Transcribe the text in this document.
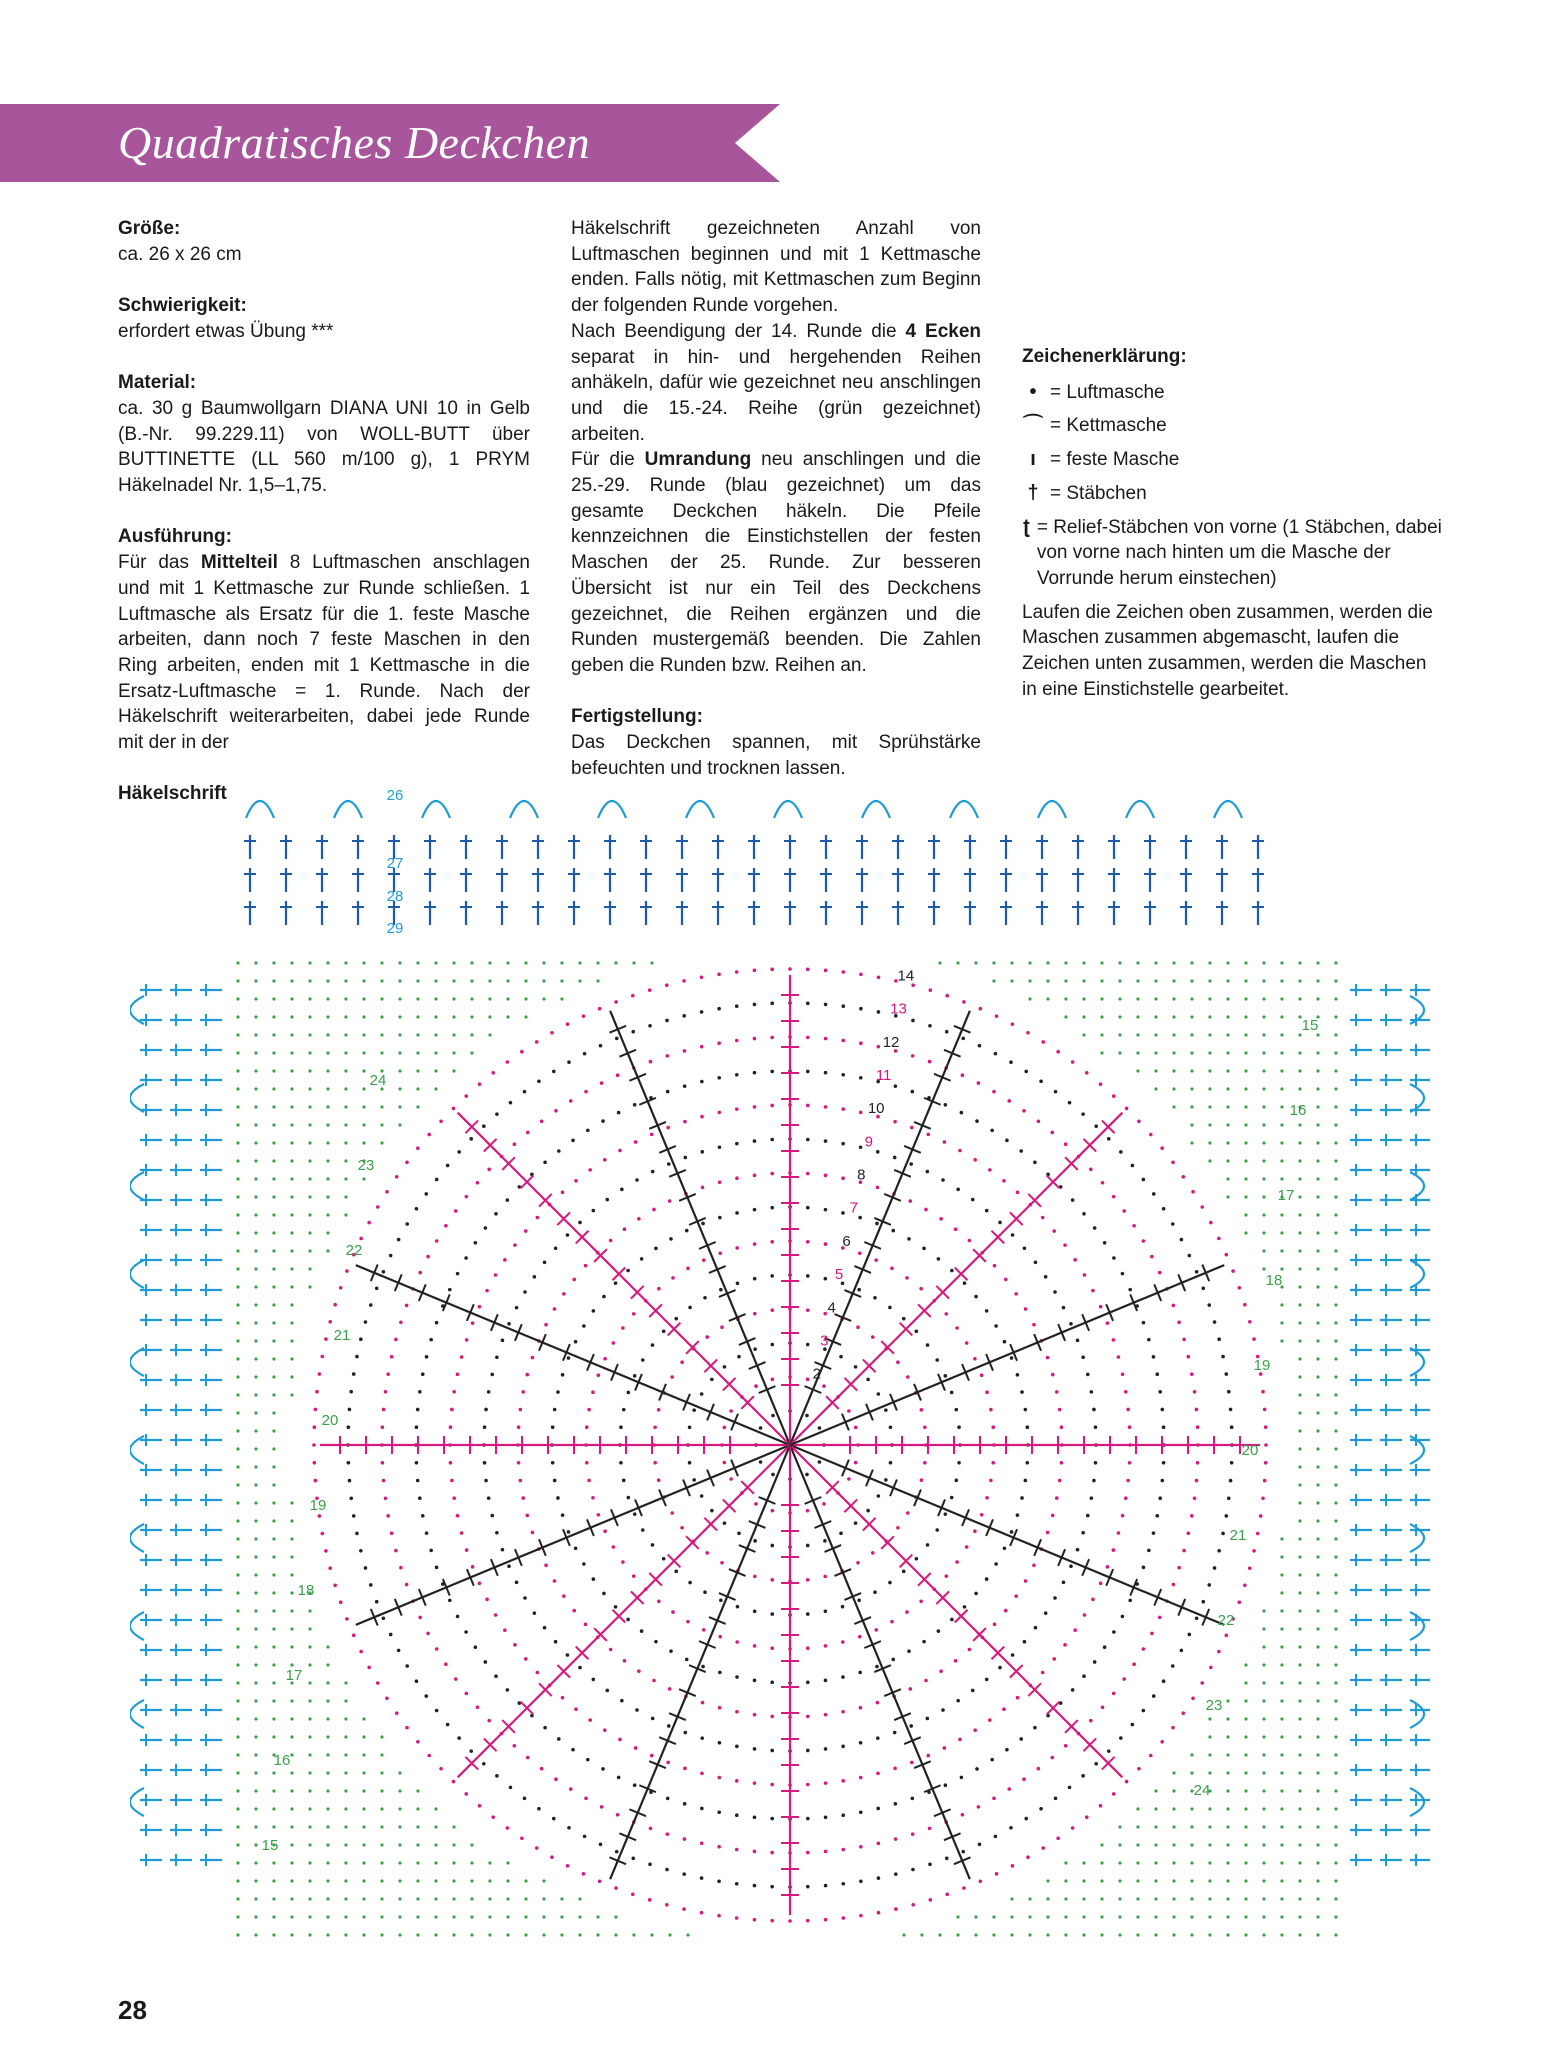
Quadratisches Deckchen

Größe:

ca. 26 x 26 cm

Schwierigkeit:

erfordert etwas Übung ***

Material:

ca. 30 g Baumwollgarn DIANA UNI 10 in Gelb (B.-Nr. 99.229.11) von WOLL-BUTT über BUTTINETTE (LL 560 m/100 g), 1 PRYM Häkelnadel Nr. 1,5–1,75.

Ausführung:

Für das Mittelteil 8 Luftmaschen anschlagen und mit 1 Kettmasche zur Runde schließen. 1 Luftmasche als Ersatz für die 1. feste Masche arbeiten, dann noch 7 feste Maschen in den Ring arbeiten, enden mit 1 Kettmasche in die Ersatz-Luftmasche = 1. Runde. Nach der Häkelschrift weiterarbeiten, dabei jede Runde mit der in der

Häkelschrift gezeichneten Anzahl von Luftmaschen beginnen und mit 1 Kettmasche enden. Falls nötig, mit Kettmaschen zum Beginn der folgenden Runde vorgehen.

Nach Beendigung der 14. Runde die 4 Ecken separat in hin- und hergehenden Reihen anhäkeln, dafür wie gezeichnet neu anschlingen und die 15.-24. Reihe (grün gezeichnet) arbeiten.

Für die Umrandung neu anschlingen und die 25.-29. Runde (blau gezeichnet) um das gesamte Deckchen häkeln. Die Pfeile kennzeichnen die Einstichstellen der festen Maschen der 25. Runde. Zur besseren Übersicht ist nur ein Teil des Deckchens gezeichnet, die Reihen ergänzen und die Runden mustergemäß beenden. Die Zahlen geben die Runden bzw. Reihen an.

Fertigstellung:

Das Deckchen spannen, mit Sprühstärke befeuchten und trocknen lassen.

Zeichenerklärung:

• = Luftmasche
⌒ = Kettmasche
ı = feste Masche
† = Stäbchen
ʈ = Relief-Stäbchen von vorne (1 Stäbchen, dabei von vorne nach hinten um die Masche der Vorrunde herum einstechen)

Laufen die Zeichen oben zusammen, werden die Maschen zusammen abgemascht, laufen die Zeichen unten zusammen, werden die Maschen in eine Einstichstelle gearbeitet.

Häkelschrift
2
3
4
5
6
7
8
9
10
11
12
13
14
15
15
16
16
17
17
18
18
19
19
20
20
21
21
22
22
23
23
24
24
29
28
27
26
28
